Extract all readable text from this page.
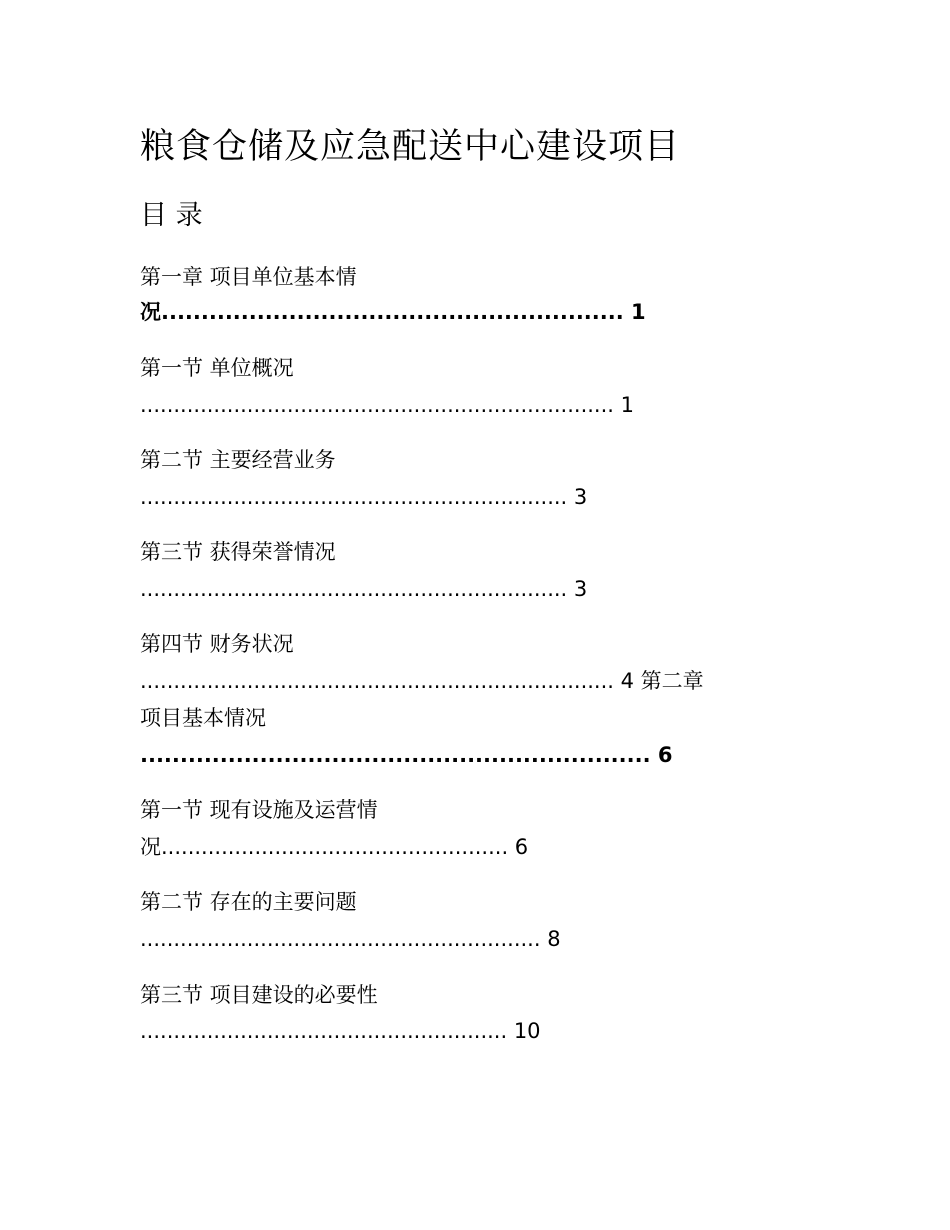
粮食仓储及应急配送中心建设项目
目 录
第一章 项目单位基本情
况.......................................................... 1
第一节 单位概况
....................................................................... 1
第二节 主要经营业务
................................................................ 3
第三节 获得荣誉情况
................................................................ 3
第四节 财务状况
....................................................................... 4 第二章
项目基本情况
................................................................ 6
第一节 现有设施及运营情
况.................................................... 6
第二节 存在的主要问题
............................................................ 8
第三节 项目建设的必要性
....................................................... 10
